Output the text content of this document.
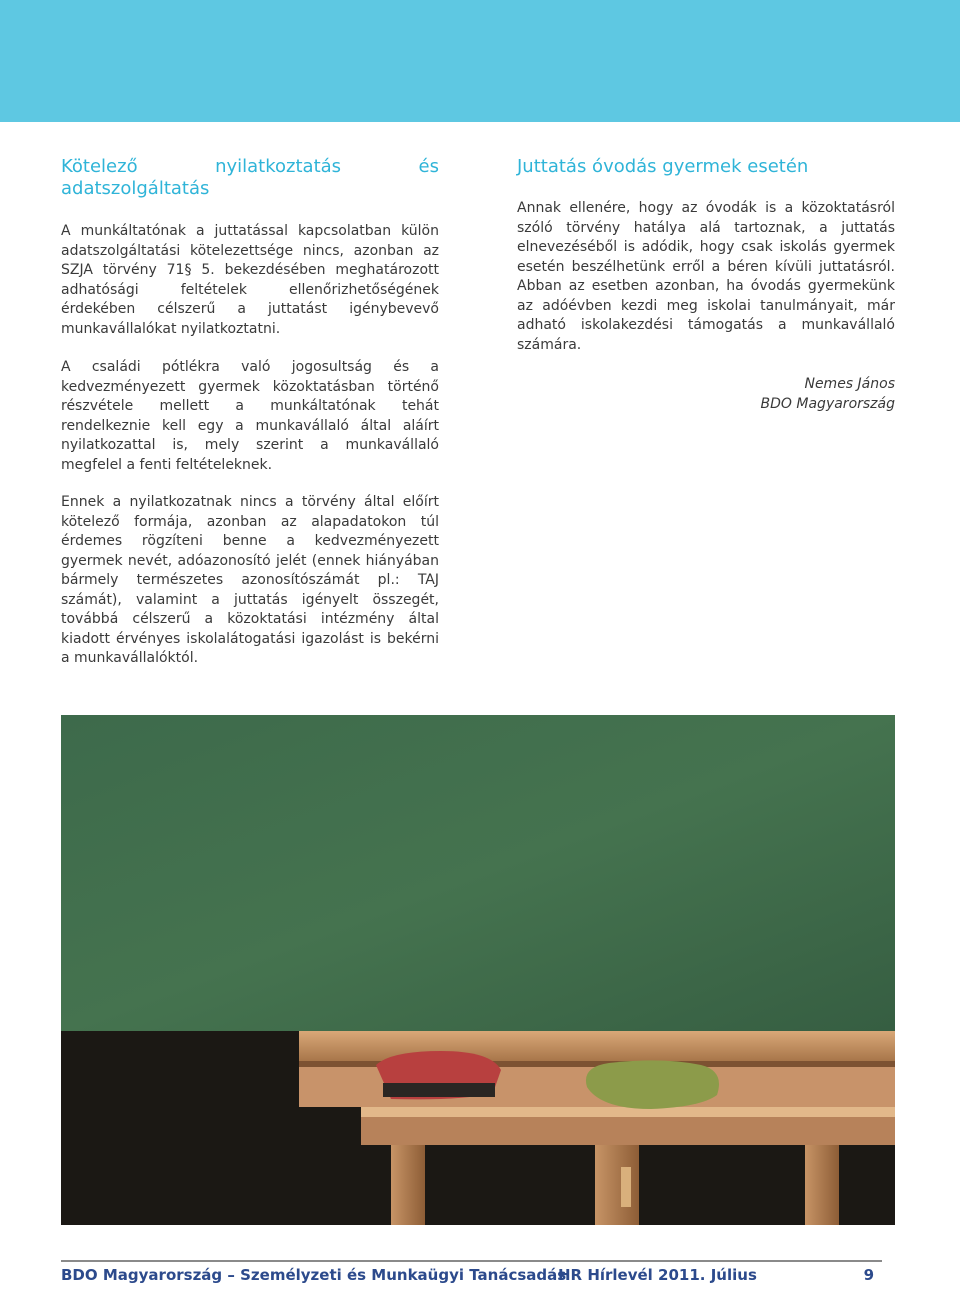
Kötelező nyilatkoztatás és adatszolgáltatás

A munkáltatónak a juttatással kapcsolatban külön adatszolgáltatási kötelezettsége nincs, azonban az SZJA törvény 71§ 5. bekezdésében meghatározott adhatósági feltételek ellenőrizhetőségének érdekében célszerű a juttatást igénybevevő munkavállalókat nyilatkoztatni.

A családi pótlékra való jogosultság és a kedvezményezett gyermek közoktatásban történő részvétele mellett a munkáltatónak tehát rendelkeznie kell egy a munkavállaló által aláírt nyilatkozattal is, mely szerint a munkavállaló megfelel a fenti feltételeknek.

Ennek a nyilatkozatnak nincs a törvény által előírt kötelező formája, azonban az alapadatokon túl érdemes rögzíteni benne a kedvezményezett gyermek nevét, adóazonosító jelét (ennek hiányában bármely természetes azonosítószámát pl.: TAJ számát), valamint a juttatás igényelt összegét, továbbá célszerű a közoktatási intézmény által kiadott érvényes iskolalátogatási igazolást is bekérni a munkavállalóktól.

Juttatás óvodás gyermek esetén

Annak ellenére, hogy az óvodák is a közoktatásról szóló törvény hatálya alá tartoznak, a juttatás elnevezéséből is adódik, hogy csak iskolás gyermek esetén beszélhetünk erről a béren kívüli juttatásról. Abban az esetben azonban, ha óvodás gyermekünk az adóévben kezdi meg iskolai tanulmányait, már adható iskolakezdési támogatás a munkavállaló számára.

Nemes János
BDO Magyarország
BDO Magyarország – Személyzeti és Munkaügyi Tanácsadás
HR Hírlevél 2011. Július	9
